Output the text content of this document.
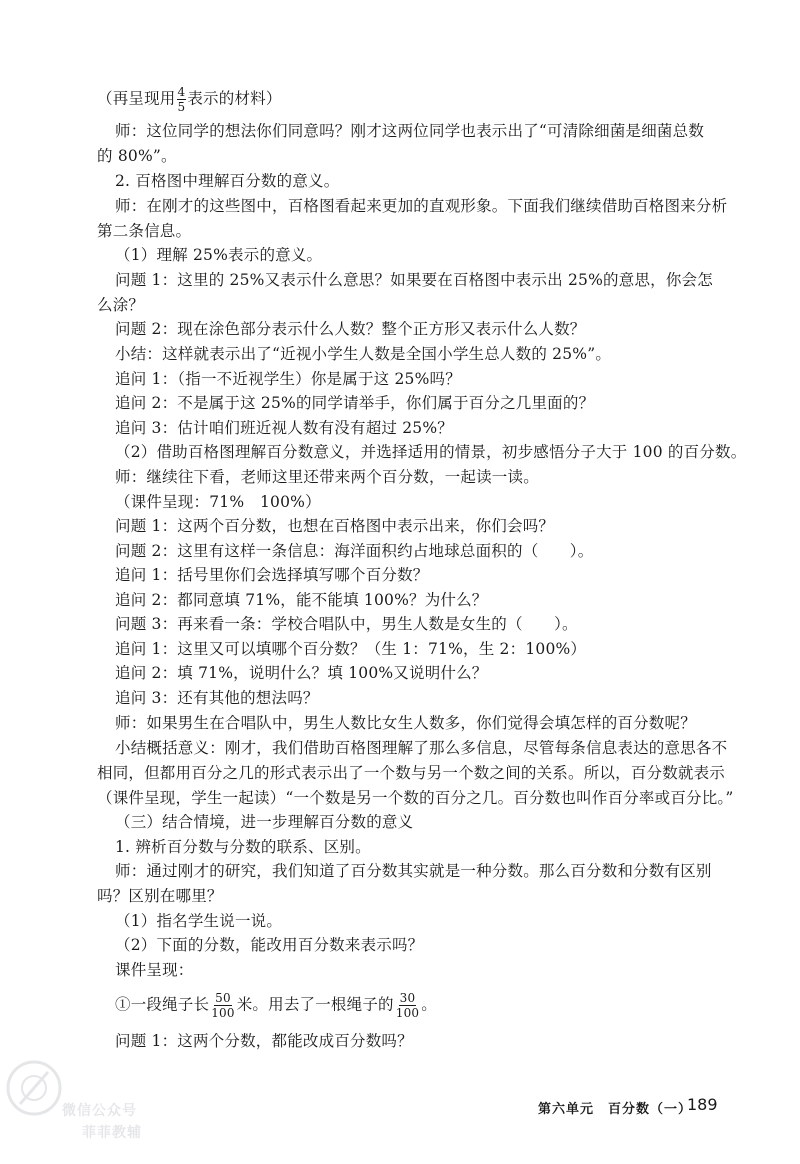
（再呈现用 $\frac{4}{5}$ 表示的材料）
师：这位同学的想法你们同意吗？刚才这两位同学也表示出了“可清除细菌是细菌总数
的 80%”。
2. 百格图中理解百分数的意义。
师：在刚才的这些图中，百格图看起来更加的直观形象。下面我们继续借助百格图来分析
第二条信息。
（1）理解 25%表示的意义。
问题 1：这里的 25%又表示什么意思？如果要在百格图中表示出 25%的意思，你会怎
么涂？
问题 2：现在涂色部分表示什么人数？整个正方形又表示什么人数？
小结：这样就表示出了“近视小学生人数是全国小学生总人数的 25%”。
追问 1：（指一不近视学生）你是属于这 25%吗？
追问 2：不是属于这 25%的同学请举手，你们属于百分之几里面的？
追问 3：估计咱们班近视人数有没有超过 25%？
（2）借助百格图理解百分数意义，并选择适用的情景，初步感悟分子大于 100 的百分数。
师：继续往下看，老师这里还带来两个百分数，一起读一读。
（课件呈现：71%　100%）
问题 1：这两个百分数，也想在百格图中表示出来，你们会吗？
问题 2：这里有这样一条信息：海洋面积约占地球总面积的（　　）。
追问 1：括号里你们会选择填写哪个百分数？
追问 2：都同意填 71%，能不能填 100%？为什么？
问题 3：再来看一条：学校合唱队中，男生人数是女生的（　　）。
追问 1：这里又可以填哪个百分数？（生 1：71%，生 2：100%）
追问 2：填 71%，说明什么？填 100%又说明什么？
追问 3：还有其他的想法吗？
师：如果男生在合唱队中，男生人数比女生人数多，你们觉得会填怎样的百分数呢？
小结概括意义：刚才，我们借助百格图理解了那么多信息，尽管每条信息表达的意思各不
相同，但都用百分之几的形式表示出了一个数与另一个数之间的关系。所以，百分数就表示
（课件呈现，学生一起读）“一个数是另一个数的百分之几。百分数也叫作百分率或百分比。”
（三）结合情境，进一步理解百分数的意义
1. 辨析百分数与分数的联系、区别。
师：通过刚才的研究，我们知道了百分数其实就是一种分数。那么百分数和分数有区别
吗？区别在哪里？
（1）指名学生说一说。
（2）下面的分数，能改用百分数来表示吗？
课件呈现：
①一段绳子长 $\frac{50}{100}$ 米。用去了一根绳子的 $\frac{30}{100}$ 。
问题 1：这两个分数，都能改成百分数吗？
微信公众号
菲菲教辅
第六单元　百分数（一）
189
